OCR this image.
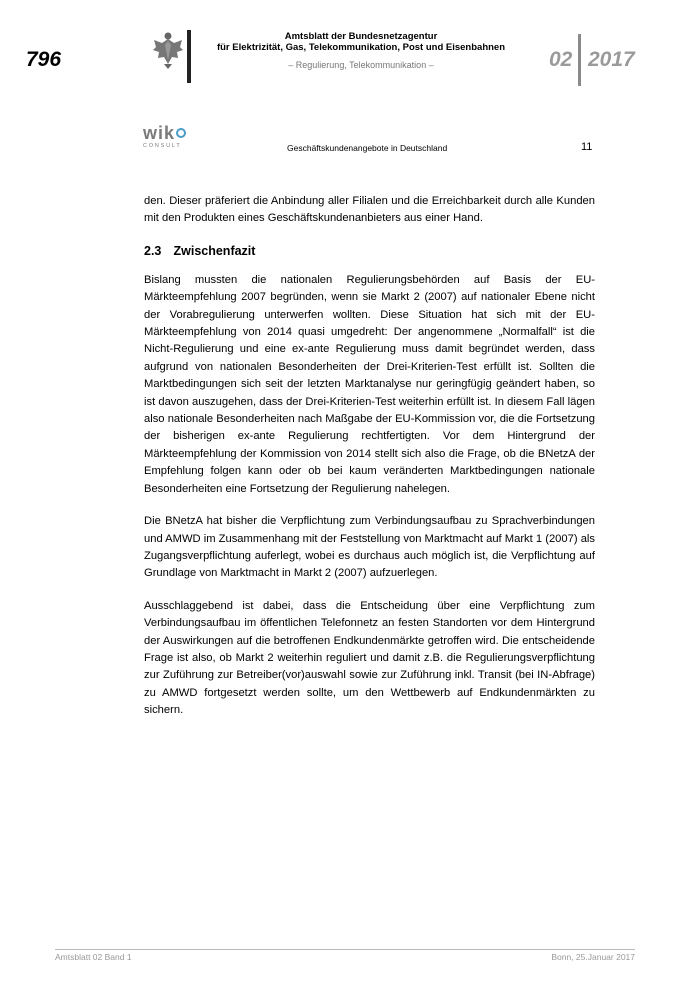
796
Amtsblatt der Bundesnetzagentur
für Elektrizität, Gas, Telekommunikation, Post und Eisenbahnen
– Regulierung, Telekommunikation –	02 2017
wik
CONSULT	Geschäftskundenangebote in Deutschland	11

den. Dieser präferiert die Anbindung aller Filialen und die Erreichbarkeit durch alle Kunden mit den Produkten eines Geschäftskundenanbieters aus einer Hand.

2.3 Zwischenfazit

Bislang mussten die nationalen Regulierungsbehörden auf Basis der EU-Märkteempfehlung 2007 begründen, wenn sie Markt 2 (2007) auf nationaler Ebene nicht der Vorabregulierung unterwerfen wollten. Diese Situation hat sich mit der EU-Märkteempfehlung von 2014 quasi umgedreht: Der angenommene „Normalfall“ ist die Nicht-Regulierung und eine ex-ante Regulierung muss damit begründet werden, dass aufgrund von nationalen Besonderheiten der Drei-Kriterien-Test erfüllt ist. Sollten die Marktbedingungen sich seit der letzten Marktanalyse nur geringfügig geändert haben, so ist davon auszugehen, dass der Drei-Kriterien-Test weiterhin erfüllt ist. In diesem Fall lägen also nationale Besonderheiten nach Maßgabe der EU-Kommission vor, die die Fortsetzung der bisherigen ex-ante Regulierung rechtfertigten. Vor dem Hintergrund der Märkteempfehlung der Kommission von 2014 stellt sich also die Frage, ob die BNetzA der Empfehlung folgen kann oder ob bei kaum veränderten Marktbedingungen nationale Besonderheiten eine Fortsetzung der Regulierung nahelegen.

Die BNetzA hat bisher die Verpflichtung zum Verbindungsaufbau zu Sprachverbindungen und AMWD im Zusammenhang mit der Feststellung von Marktmacht auf Markt 1 (2007) als Zugangsverpflichtung auferlegt, wobei es durchaus auch möglich ist, die Verpflichtung auf Grundlage von Marktmacht in Markt 2 (2007) aufzuerlegen.

Ausschlaggebend ist dabei, dass die Entscheidung über eine Verpflichtung zum Verbindungsaufbau im öffentlichen Telefonnetz an festen Standorten vor dem Hintergrund der Auswirkungen auf die betroffenen Endkundenmärkte getroffen wird. Die entscheidende Frage ist also, ob Markt 2 weiterhin reguliert und damit z.B. die Regulierungsverpflichtung zur Zuführung zur Betreiber(vor)auswahl sowie zur Zuführung inkl. Transit (bei IN-Abfrage) zu AMWD fortgesetzt werden sollte, um den Wettbewerb auf Endkundenmärkten zu sichern.

Amtsblatt 02 Band 1	Bonn, 25.Januar 2017
